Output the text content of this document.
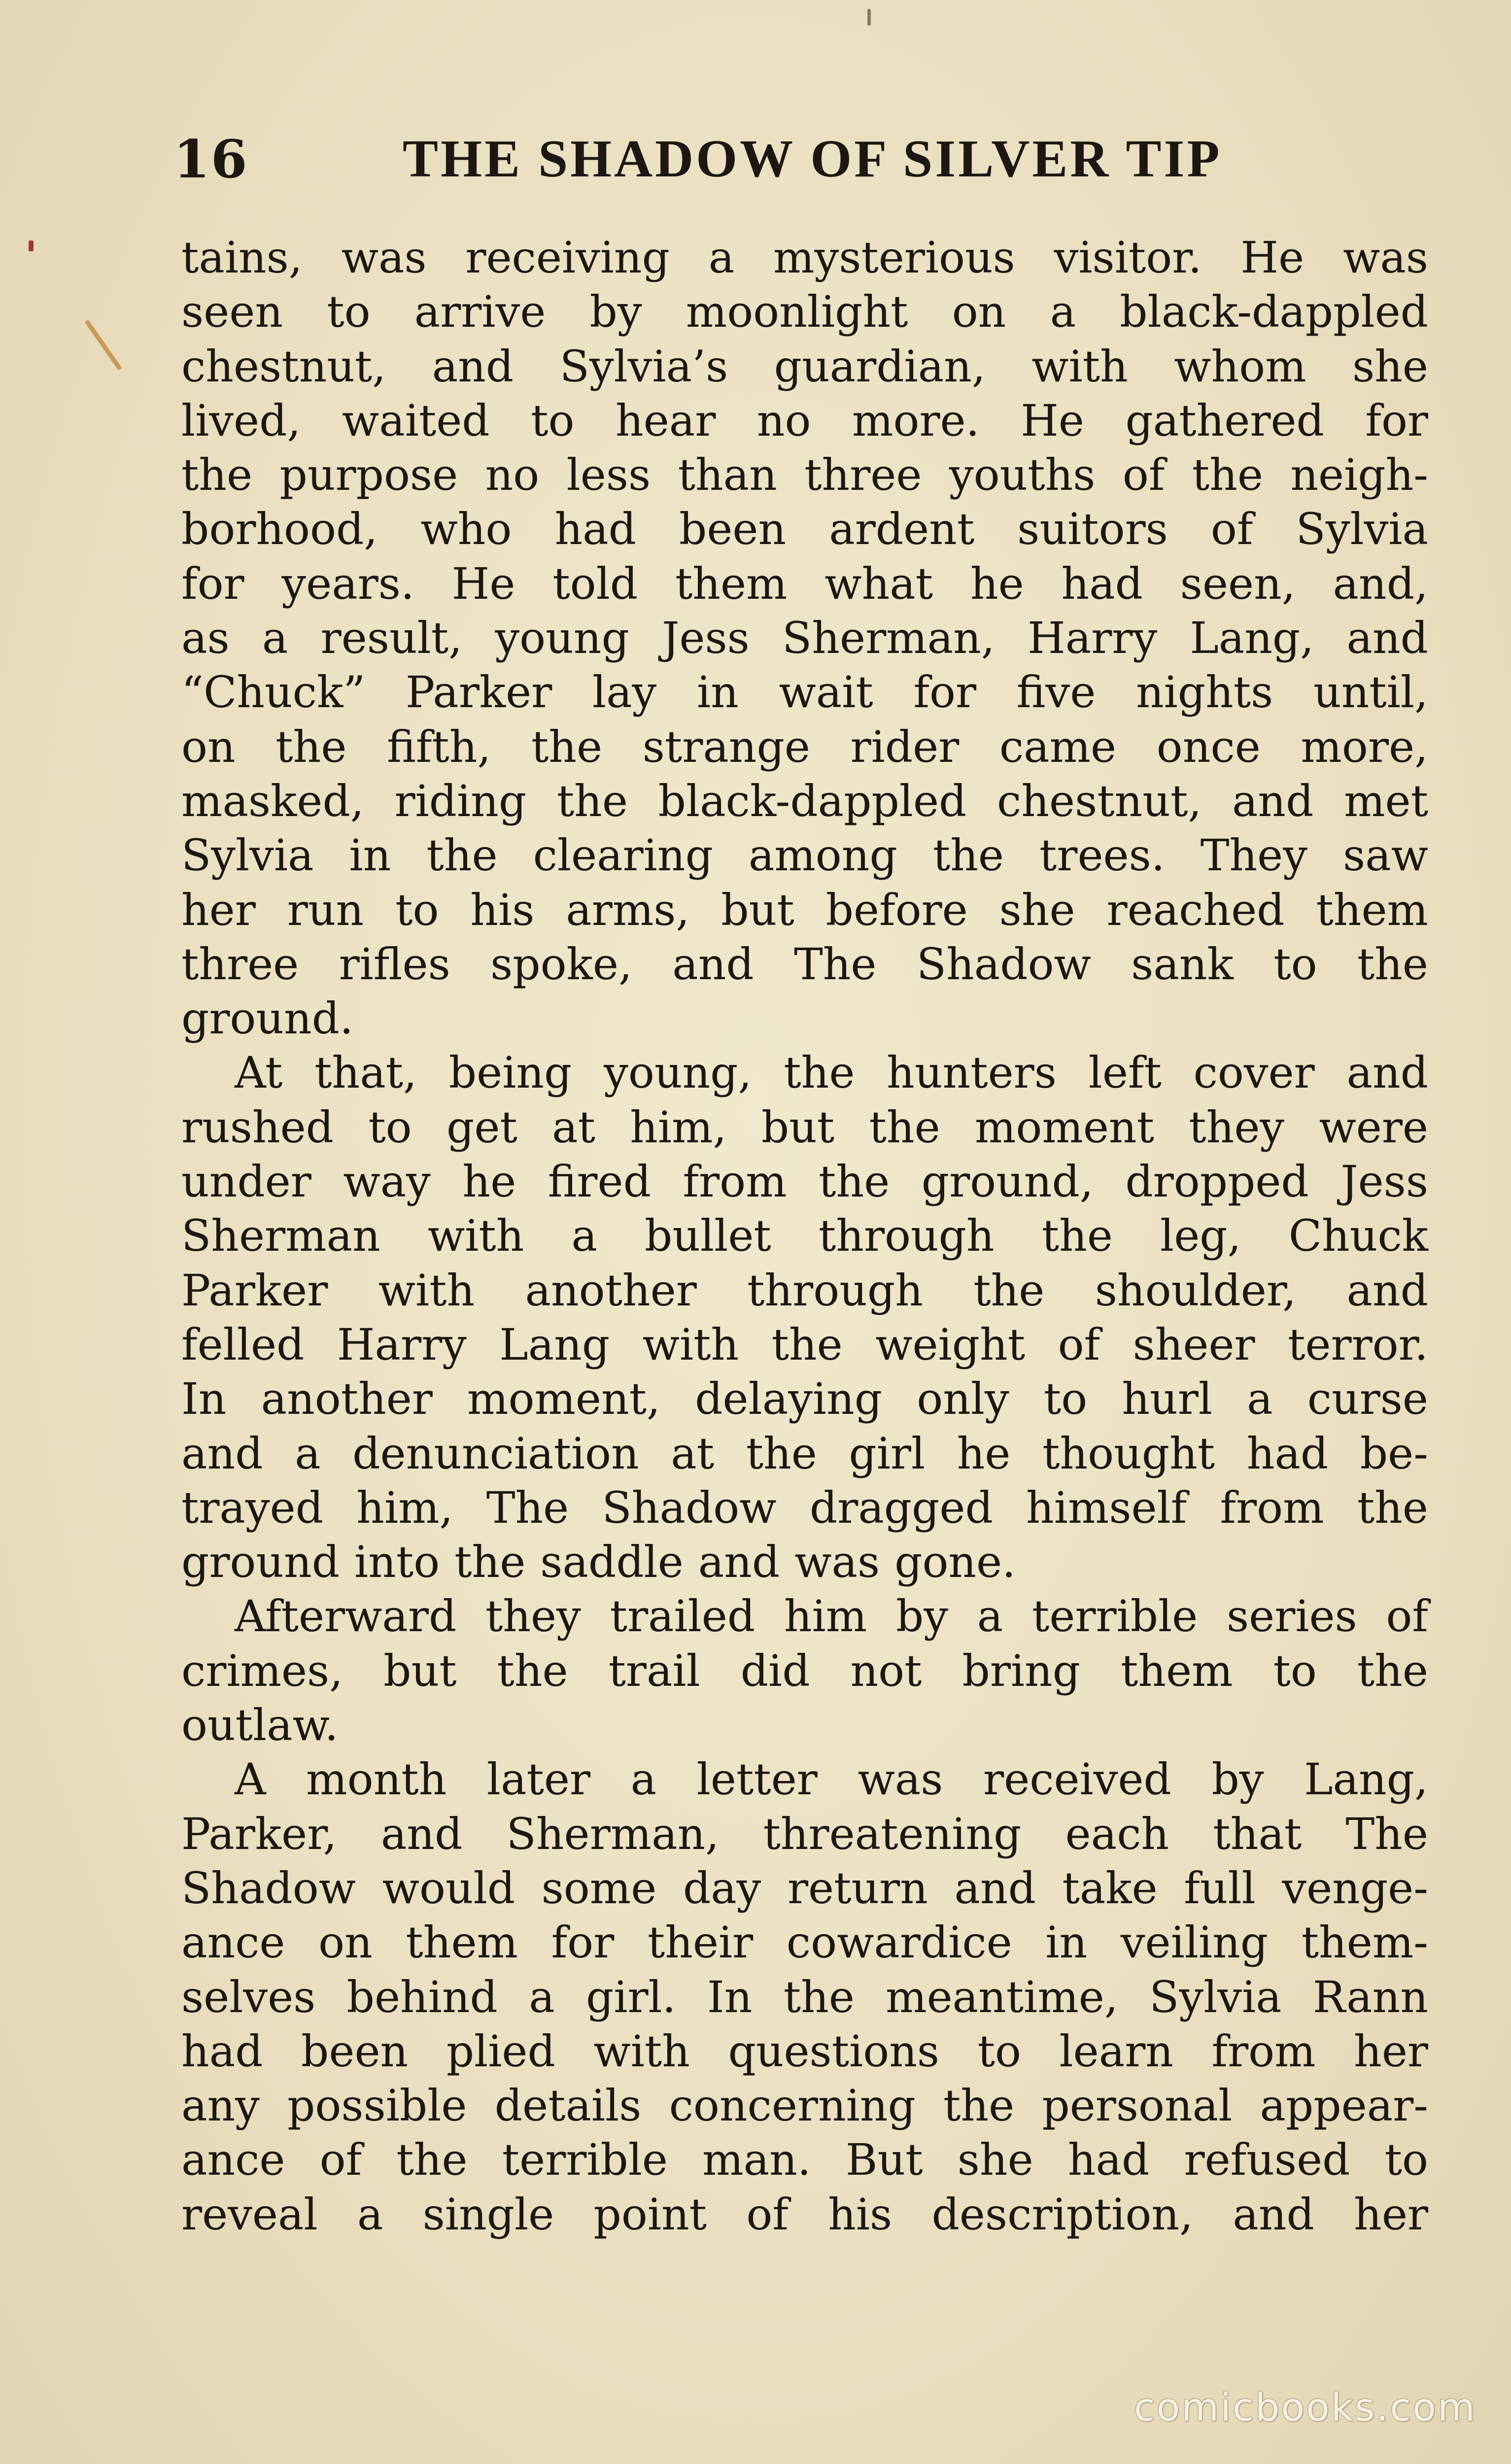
16	THE SHADOW OF SILVER TIP
tains, was receiving a mysterious visitor. He was
seen to arrive by moonlight on a black-dappled
chestnut, and Sylvia’s guardian, with whom she
lived, waited to hear no more. He gathered for
the purpose no less than three youths of the neigh-
borhood, who had been ardent suitors of Sylvia
for years. He told them what he had seen, and,
as a result, young Jess Sherman, Harry Lang, and
“Chuck” Parker lay in wait for five nights until,
on the fifth, the strange rider came once more,
masked, riding the black-dappled chestnut, and met
Sylvia in the clearing among the trees. They saw
her run to his arms, but before she reached them
three rifles spoke, and The Shadow sank to the
ground.
At that, being young, the hunters left cover and
rushed to get at him, but the moment they were
under way he fired from the ground, dropped Jess
Sherman with a bullet through the leg, Chuck
Parker with another through the shoulder, and
felled Harry Lang with the weight of sheer terror.
In another moment, delaying only to hurl a curse
and a denunciation at the girl he thought had be-
trayed him, The Shadow dragged himself from the
ground into the saddle and was gone.
Afterward they trailed him by a terrible series of
crimes, but the trail did not bring them to the
outlaw.
A month later a letter was received by Lang,
Parker, and Sherman, threatening each that The
Shadow would some day return and take full venge-
ance on them for their cowardice in veiling them-
selves behind a girl. In the meantime, Sylvia Rann
had been plied with questions to learn from her
any possible details concerning the personal appear-
ance of the terrible man. But she had refused to
reveal a single point of his description, and her
comicbooks.com
